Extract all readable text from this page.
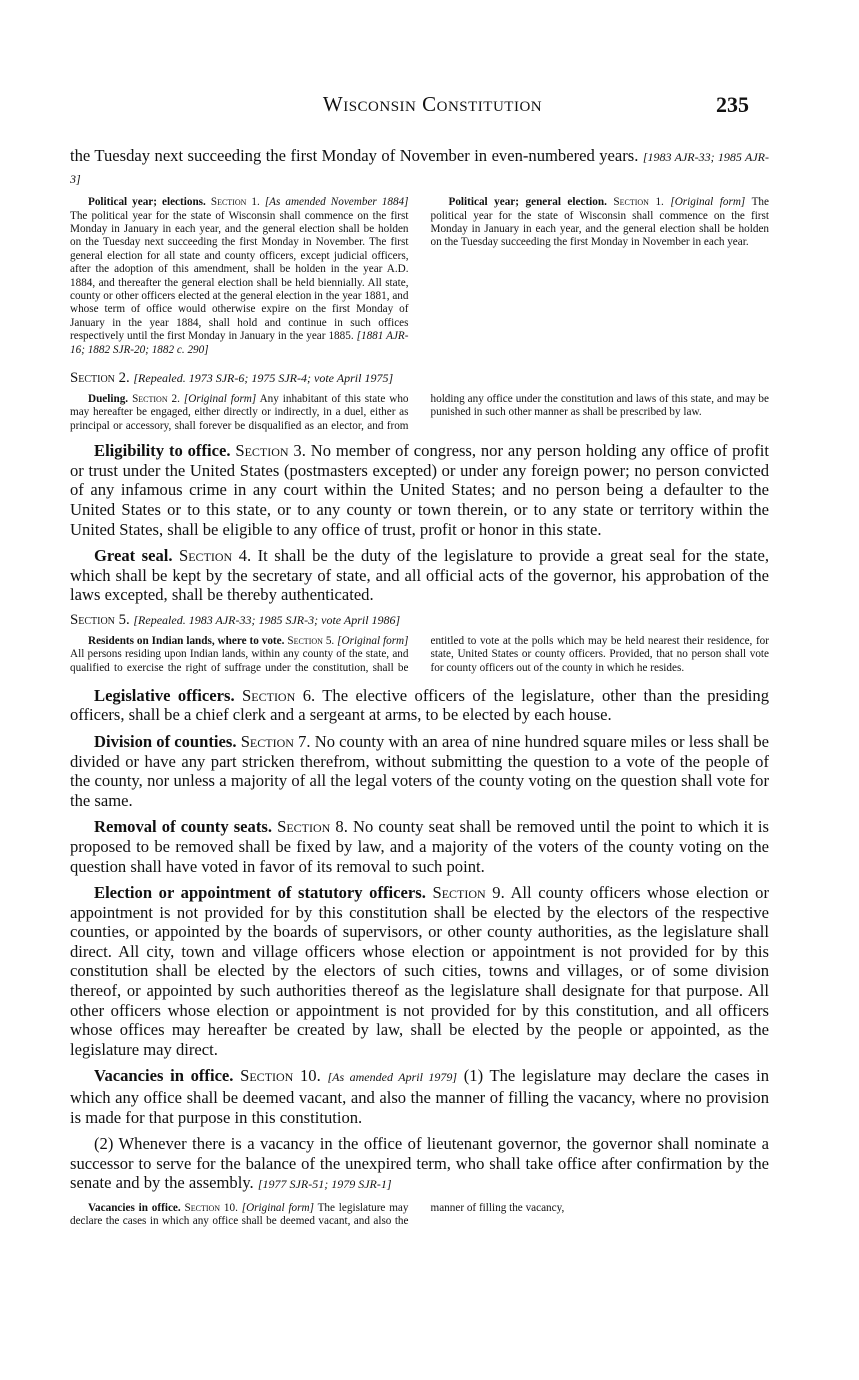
Wisconsin Constitution	235

the Tuesday next succeeding the first Monday of November in even-numbered years. [1983 AJR-33; 1985 AJR-3]

Political year; elections. Section 1. [As amended November 1884] The political year for the state of Wisconsin shall commence on the first Monday in January in each year, and the general election shall be holden on the Tuesday next succeeding the first Monday in November. The first general election for all state and county officers, except judicial officers, after the adoption of this amendment, shall be holden in the year A.D. 1884, and thereafter the general election shall be held biennially. All state, county or other officers elected at the general election in the year 1881, and whose term of office would otherwise expire on the first Monday of January in the year 1884, shall hold and continue in such offices respectively until the first Monday in January in the year 1885. [1881 AJR-16; 1882 SJR-20; 1882 c. 290]

Political year; general election. Section 1. [Original form] The political year for the state of Wisconsin shall commence on the first Monday in January in each year, and the general election shall be holden on the Tuesday succeeding the first Monday in November in each year.

Section 2. [Repealed. 1973 SJR-6; 1975 SJR-4; vote April 1975]

Dueling. Section 2. [Original form] Any inhabitant of this state who may hereafter be engaged, either directly or indirectly, in a duel, either as principal or accessory, shall forever be disqualified as an elector, and from holding any office under the constitution and laws of this state, and may be punished in such other manner as shall be prescribed by law.

Eligibility to office. Section 3. No member of congress, nor any person holding any office of profit or trust under the United States (postmasters excepted) or under any foreign power; no person convicted of any infamous crime in any court within the United States; and no person being a defaulter to the United States or to this state, or to any county or town therein, or to any state or territory within the United States, shall be eligible to any office of trust, profit or honor in this state.

Great seal. Section 4. It shall be the duty of the legislature to provide a great seal for the state, which shall be kept by the secretary of state, and all official acts of the governor, his approbation of the laws excepted, shall be thereby authenticated.

Section 5. [Repealed. 1983 AJR-33; 1985 SJR-3; vote April 1986]

Residents on Indian lands, where to vote. Section 5. [Original form] All persons residing upon Indian lands, within any county of the state, and qualified to exercise the right of suffrage under the constitution, shall be entitled to vote at the polls which may be held nearest their residence, for state, United States or county officers. Provided, that no person shall vote for county officers out of the county in which he resides.

Legislative officers. Section 6. The elective officers of the legislature, other than the presiding officers, shall be a chief clerk and a sergeant at arms, to be elected by each house.

Division of counties. Section 7. No county with an area of nine hundred square miles or less shall be divided or have any part stricken therefrom, without submitting the question to a vote of the people of the county, nor unless a majority of all the legal voters of the county voting on the question shall vote for the same.

Removal of county seats. Section 8. No county seat shall be removed until the point to which it is proposed to be removed shall be fixed by law, and a majority of the voters of the county voting on the question shall have voted in favor of its removal to such point.

Election or appointment of statutory officers. Section 9. All county officers whose election or appointment is not provided for by this constitution shall be elected by the electors of the respective counties, or appointed by the boards of supervisors, or other county authorities, as the legislature shall direct. All city, town and village officers whose election or appointment is not provided for by this constitution shall be elected by the electors of such cities, towns and villages, or of some division thereof, or appointed by such authorities thereof as the legislature shall designate for that purpose. All other officers whose election or appointment is not provided for by this constitution, and all officers whose offices may hereafter be created by law, shall be elected by the people or appointed, as the legislature may direct.

Vacancies in office. Section 10. [As amended April 1979] (1) The legislature may declare the cases in which any office shall be deemed vacant, and also the manner of filling the vacancy, where no provision is made for that purpose in this constitution.

(2) Whenever there is a vacancy in the office of lieutenant governor, the governor shall nominate a successor to serve for the balance of the unexpired term, who shall take office after confirmation by the senate and by the assembly. [1977 SJR-51; 1979 SJR-1]

Vacancies in office. Section 10. [Original form] The legislature may declare the cases in which any office shall be deemed vacant, and also the manner of filling the vacancy,
